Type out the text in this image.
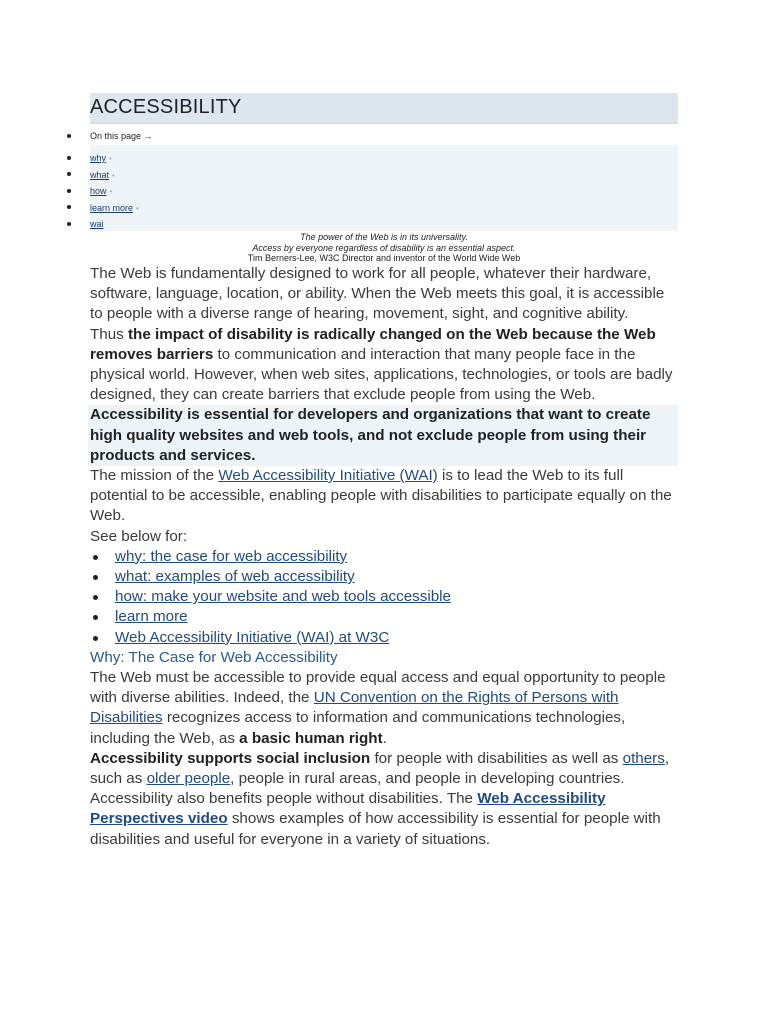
ACCESSIBILITY
On this page →
why •
what •
how •
learn more •
wai
The power of the Web is in its universality.
Access by everyone regardless of disability is an essential aspect.
Tim Berners-Lee, W3C Director and inventor of the World Wide Web

The Web is fundamentally designed to work for all people, whatever their hardware, software, language, location, or ability. When the Web meets this goal, it is accessible to people with a diverse range of hearing, movement, sight, and cognitive ability.

Thus the impact of disability is radically changed on the Web because the Web removes barriers to communication and interaction that many people face in the physical world. However, when web sites, applications, technologies, or tools are badly designed, they can create barriers that exclude people from using the Web.

Accessibility is essential for developers and organizations that want to create high quality websites and web tools, and not exclude people from using their products and services.

The mission of the Web Accessibility Initiative (WAI) is to lead the Web to its full potential to be accessible, enabling people with disabilities to participate equally on the Web.

See below for:

why: the case for web accessibility
what: examples of web accessibility
how: make your website and web tools accessible
learn more
Web Accessibility Initiative (WAI) at W3C

Why: The Case for Web Accessibility

The Web must be accessible to provide equal access and equal opportunity to people with diverse abilities. Indeed, the UN Convention on the Rights of Persons with Disabilities recognizes access to information and communications technologies, including the Web, as a basic human right.

Accessibility supports social inclusion for people with disabilities as well as others, such as older people, people in rural areas, and people in developing countries.

Accessibility also benefits people without disabilities. The Web Accessibility Perspectives video shows examples of how accessibility is essential for people with disabilities and useful for everyone in a variety of situations.
